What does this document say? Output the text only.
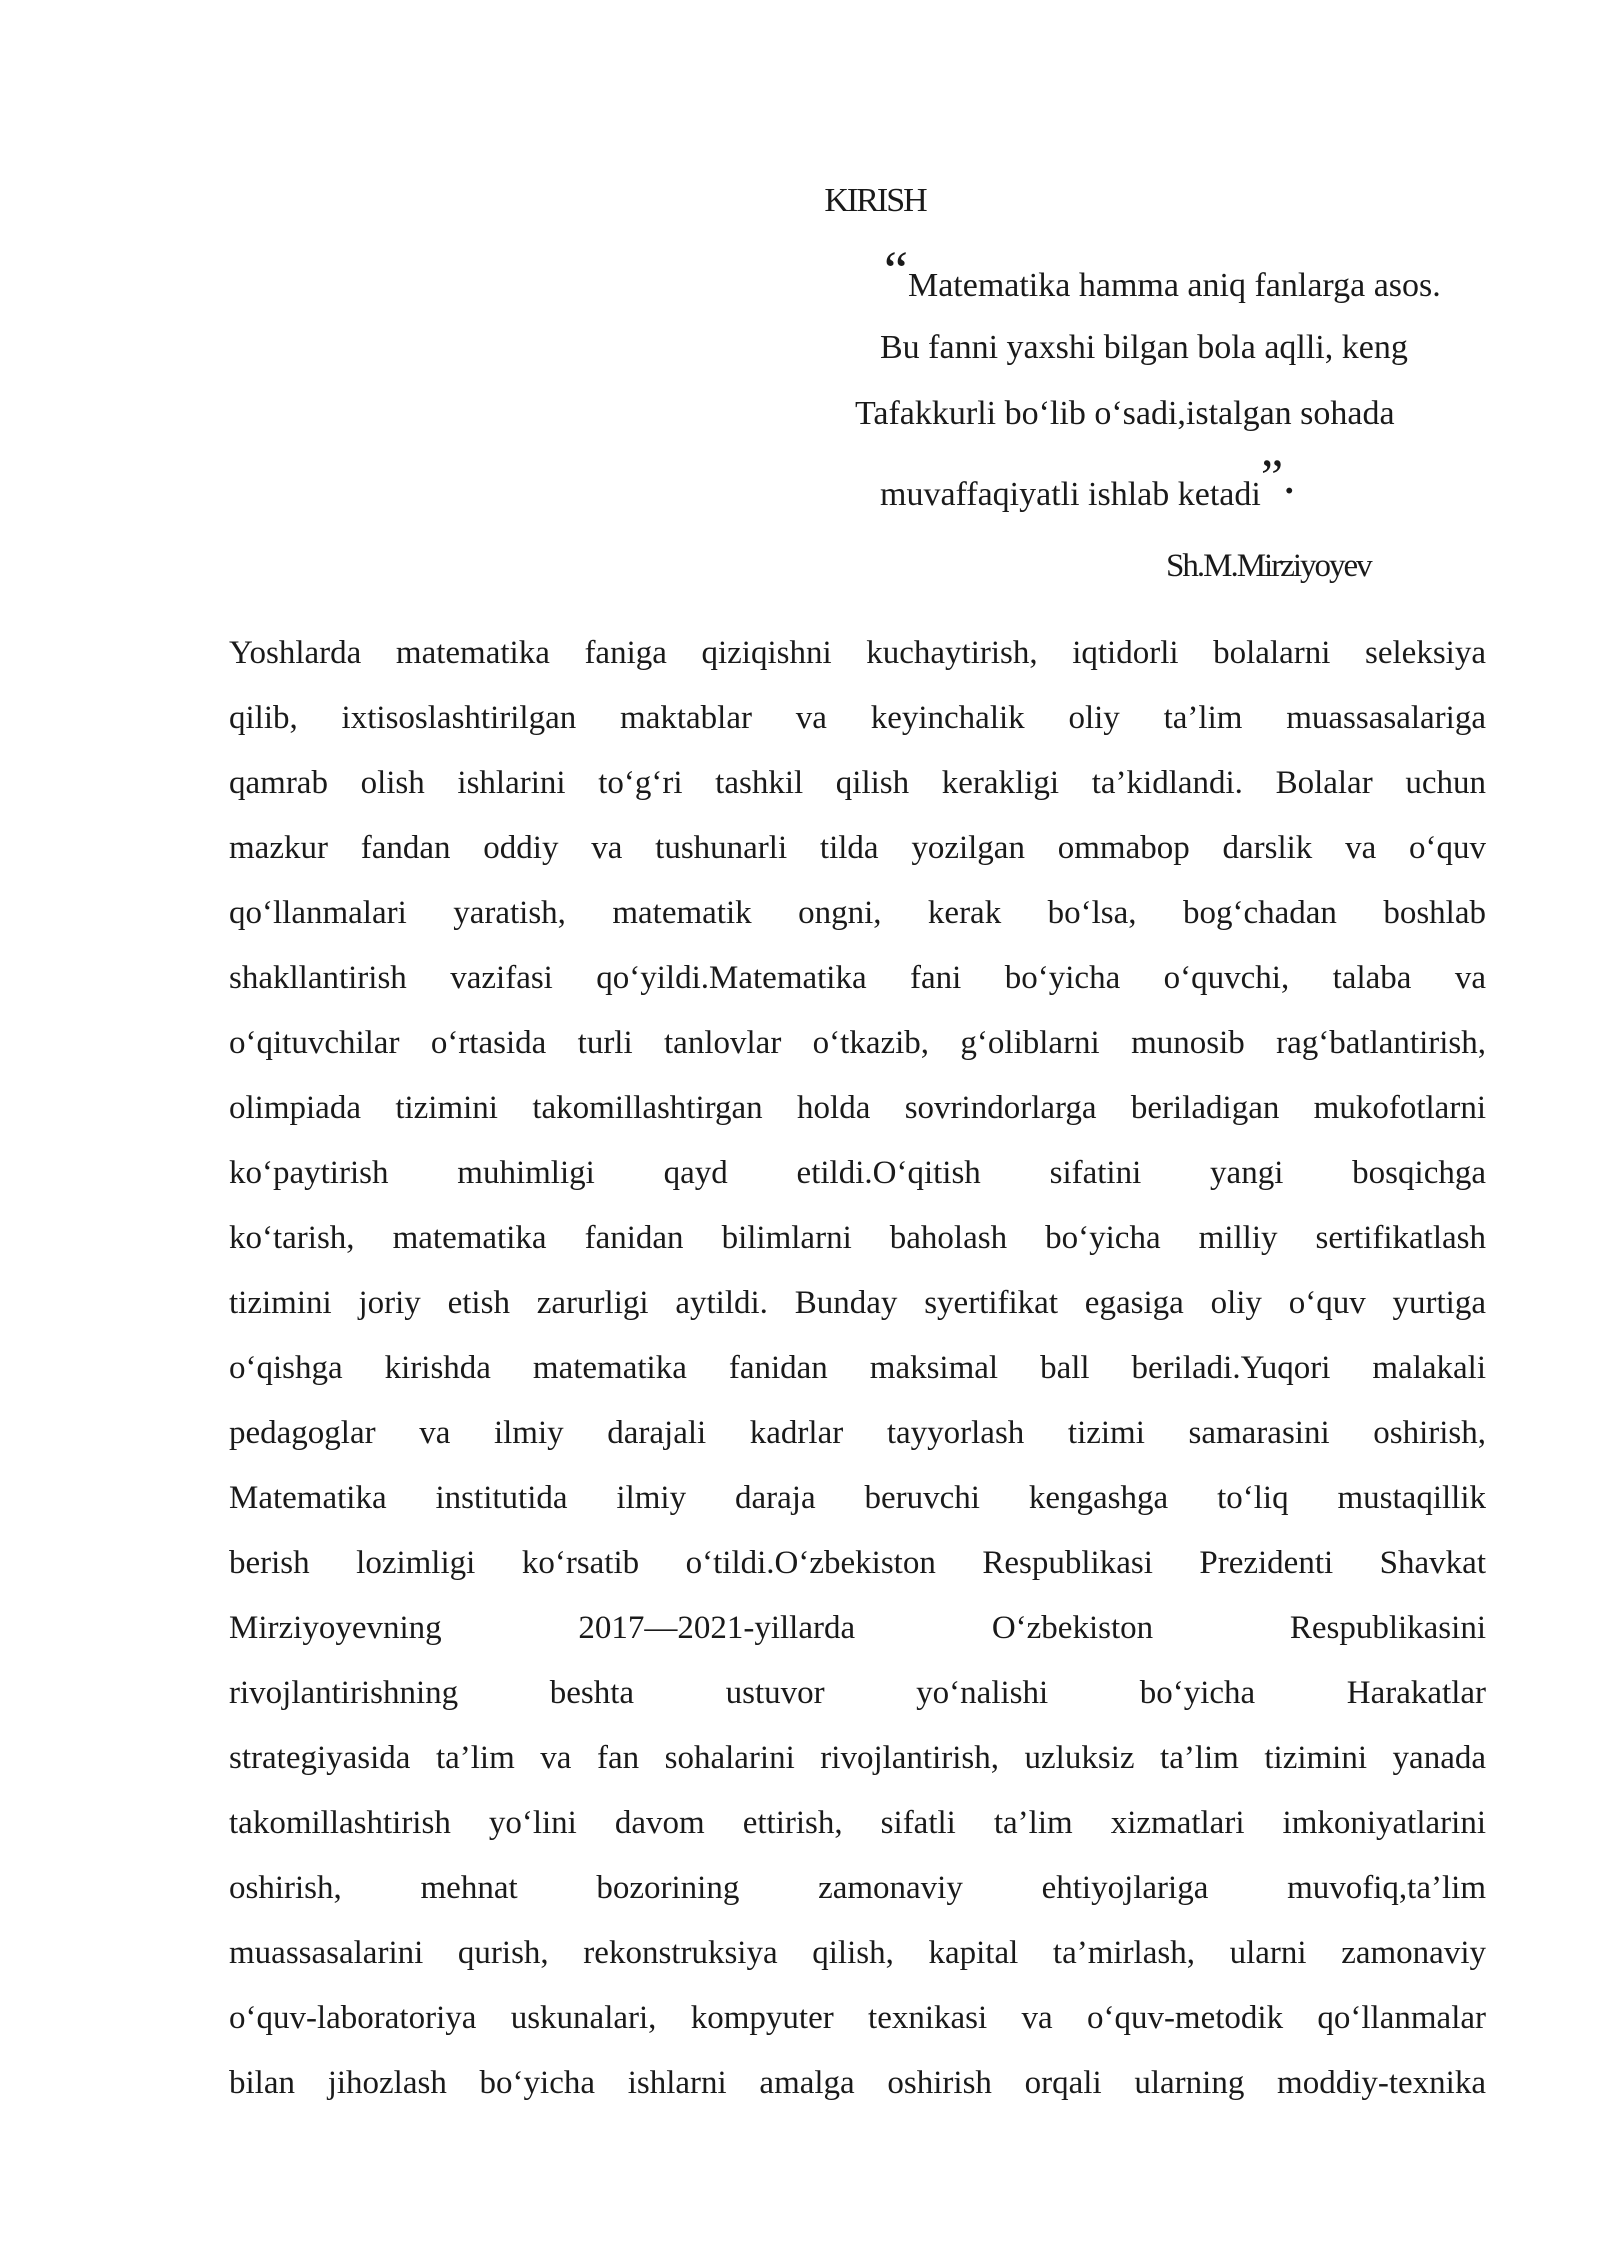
KIRISH
“Matematika hamma aniq fanlarga asos.
Bu fanni yaxshi bilgan bola aqlli, keng
Tafakkurli bo‘lib o‘sadi,istalgan sohada
muvaffaqiyatli ishlab ketadi”.
Sh.M.Mirziyoyev
Yoshlarda matematika faniga qiziqishni kuchaytirish, iqtidorli bolalarni seleksiya
qilib, ixtisoslashtirilgan maktablar va keyinchalik oliy ta’lim muassasalariga
qamrab olish ishlarini to‘g‘ri tashkil qilish kerakligi ta’kidlandi. Bolalar uchun
mazkur fandan oddiy va tushunarli tilda yozilgan ommabop darslik va o‘quv
qo‘llanmalari yaratish, matematik ongni, kerak bo‘lsa, bog‘chadan boshlab
shakllantirish vazifasi qo‘yildi.Matematika fani bo‘yicha o‘quvchi, talaba va
o‘qituvchilar o‘rtasida turli tanlovlar o‘tkazib, g‘oliblarni munosib rag‘batlantirish,
olimpiada tizimini takomillashtirgan holda sovrindorlarga beriladigan mukofotlarni
ko‘paytirish muhimligi qayd etildi.O‘qitish sifatini yangi bosqichga
ko‘tarish, matematika fanidan bilimlarni baholash bo‘yicha milliy sertifikatlash
tizimini joriy etish zarurligi aytildi. Bunday syertifikat egasiga oliy o‘quv yurtiga
o‘qishga kirishda matematika fanidan maksimal ball beriladi.Yuqori malakali
pedagoglar va ilmiy darajali kadrlar tayyorlash tizimi samarasini oshirish,
Matematika institutida ilmiy daraja beruvchi kengashga to‘liq mustaqillik
berish lozimligi ko‘rsatib o‘tildi.O‘zbekiston Respublikasi Prezidenti Shavkat
Mirziyoyevning 2017—2021-yillarda O‘zbekiston Respublikasini
rivojlantirishning beshta ustuvor yo‘nalishi bo‘yicha Harakatlar
strategiyasida ta’lim va fan sohalarini rivojlantirish, uzluksiz ta’lim tizimini yanada
takomillashtirish yo‘lini davom ettirish, sifatli ta’lim xizmatlari imkoniyatlarini
oshirish, mehnat bozorining zamonaviy ehtiyojlariga muvofiq,ta’lim
muassasalarini qurish, rekonstruksiya qilish, kapital ta’mirlash, ularni zamonaviy
o‘quv-laboratoriya uskunalari, kompyuter texnikasi va o‘quv-metodik qo‘llanmalar
bilan jihozlash bo‘yicha ishlarni amalga oshirish orqali ularning moddiy-texnika
